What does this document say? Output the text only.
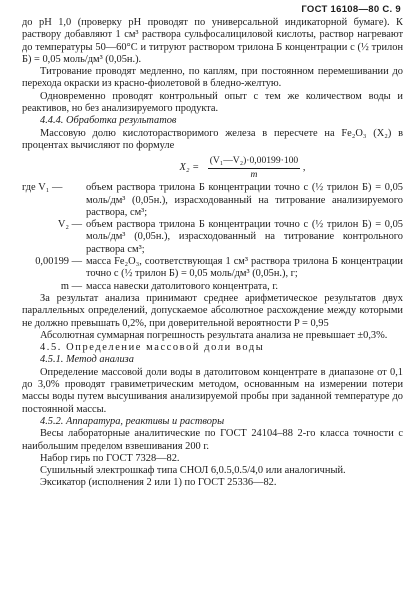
ГОСТ 16108—80 С. 9

до рН 1,0 (проверку рН проводят по универсальной индикаторной бумаге). К раствору добавляют 1 см³ раствора сульфосалициловой кислоты, раствор нагревают до температуры 50—60°С и титруют раствором трилона Б концентрации с (½ трилон Б) = 0,05 моль/дм³ (0,05н.).

Титрование проводят медленно, по каплям, при постоянном перемешивании до перехода окраски из красно-фиолетовой в бледно-желтую.

Одновременно проводят контрольный опыт с тем же количеством воды и реактивов, но без анализируемого продукта.

4.4.4. Обработка результатов

Массовую долю кислоторастворимого железа в пересчете на Fe₂O₃ (X₂) в процентах вычисляют по формуле

$X_2 = \frac{\text{(V₁—V₂)·0,00199·100}}{m}$ ,
где V₁ —	объем раствора трилона Б концентрации точно с (½ трилон Б) = 0,05 моль/дм³ (0,05н.), израсходованный на титрование анализируемого раствора, см³;
V₂ — объем раствора трилона Б концентрации точно с (½ трилон Б) = 0,05 моль/дм³ (0,05н.), израсходованный на титрование контрольного раствора см³;
0,00199 — масса Fe₂O₃, соответствующая 1 см³ раствора трилона Б концентрации точно с (½ трилон Б) = 0,05 моль/дм³ (0,05н.), г;
m — масса навески датолитового концентрата, г.

За результат анализа принимают среднее арифметическое результатов двух параллельных определений, допускаемое абсолютное расхождение между которыми не должно превышать 0,2%, при доверительной вероятности P = 0,95

Абсолютная суммарная погрешность результата анализа не превышает ±0,3%.

4.5. Определение массовой доли воды

4.5.1. Метод анализа

Определение массовой доли воды в датолитовом концентрате в диапазоне от 0,1 до 3,0% проводят гравиметрическим методом, основанным на измерении потери массы воды путем высушивания анализируемой пробы при заданной температуре до постоянной массы.

4.5.2. Аппаратура, реактивы и растворы

Весы лабораторные аналитические по ГОСТ 24104–88 2-го класса точности с наибольшим пределом взвешивания 200 г.

Набор гирь по ГОСТ 7328—82.

Сушильный электрошкаф типа СНОЛ 6,0.5,0.5/4,0 или аналогичный.

Эксикатор (исполнения 2 или 1) по ГОСТ 25336—82.
